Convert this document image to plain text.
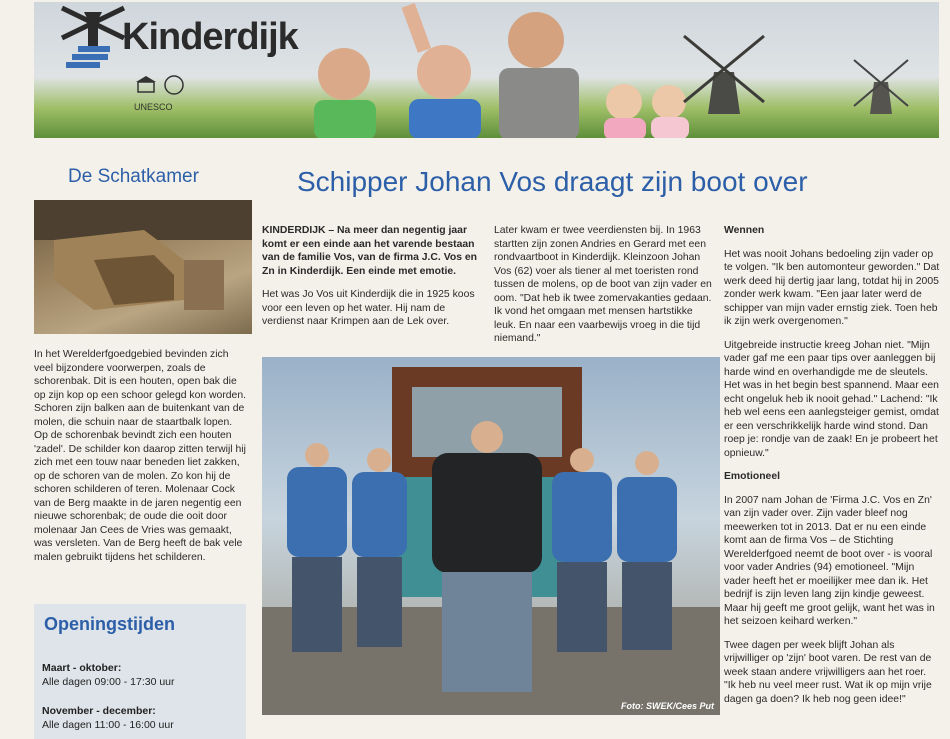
Kinderdijk
UNESCO
De Schatkamer	Schipper Johan Vos draagt zijn boot over

In het Werelderfgoedgebied bevinden zich veel bijzondere voorwerpen, zoals de schorenbak. Dit is een houten, open bak die op zijn kop op een schoor gelegd kon worden. Schoren zijn balken aan de buitenkant van de molen, die schuin naar de staartbalk lopen. Op de schorenbak bevindt zich een houten 'zadel'. De schilder kon daarop zitten terwijl hij zich met een touw naar beneden liet zakken, op de schoren van de molen. Zo kon hij de schoren schilderen of teren. Molenaar Cock van de Berg maakte in de jaren negentig een nieuwe schorenbak; de oude die ooit door molenaar Jan Cees de Vries was gemaakt, was versleten. Van de Berg heeft de bak vele malen gebruikt tijdens het schilderen.

Openingstijden
Maart - oktober:
Alle dagen 09:00 - 17:30 uur
November - december:
Alle dagen 11:00 - 16:00 uur

KINDERDIJK – Na meer dan negentig jaar komt er een einde aan het varende bestaan van de familie Vos, van de firma J.C. Vos en Zn in Kinderdijk. Een einde met emotie.

Het was Jo Vos uit Kinderdijk die in 1925 koos voor een leven op het water. Hij nam de verdienst naar Krimpen aan de Lek over.

Later kwam er twee veerdiensten bij. In 1963 startten zijn zonen Andries en Gerard met een rondvaartboot in Kinderdijk. Kleinzoon Johan Vos (62) voer als tiener al met toeristen rond tussen de molens, op de boot van zijn vader en oom. "Dat heb ik twee zomervakanties gedaan. Ik vond het omgaan met mensen hartstikke leuk. En naar een vaarbewijs vroeg in die tijd niemand."

Wennen

Het was nooit Johans bedoeling zijn vader op te volgen. "Ik ben automonteur geworden." Dat werk deed hij dertig jaar lang, totdat hij in 2005 zonder werk kwam. "Een jaar later werd de schipper van mijn vader ernstig ziek. Toen heb ik zijn werk overgenomen."

Uitgebreide instructie kreeg Johan niet. "Mijn vader gaf me een paar tips over aanleggen bij harde wind en overhandigde me de sleutels. Het was in het begin best spannend. Maar een echt ongeluk heb ik nooit gehad." Lachend: "Ik heb wel eens een aanlegsteiger gemist, omdat er een verschrikkelijk harde wind stond. Dan roep je: rondje van de zaak! En je probeert het opnieuw."

Emotioneel

In 2007 nam Johan de 'Firma J.C. Vos en Zn' van zijn vader over. Zijn vader bleef nog meewerken tot in 2013. Dat er nu een einde komt aan de firma Vos – de Stichting Werelderfgoed neemt de boot over - is vooral voor vader Andries (94) emotioneel. "Mijn vader heeft het er moeilijker mee dan ik. Het bedrijf is zijn leven lang zijn kindje geweest. Maar hij geeft me groot gelijk, want het was in het seizoen keihard werken."

Twee dagen per week blijft Johan als vrijwilliger op 'zijn' boot varen. De rest van de week staan andere vrijwilligers aan het roer. "Ik heb nu veel meer rust. Wat ik op mijn vrije dagen ga doen? Ik heb nog geen idee!"

Foto: SWEK/Cees Put
